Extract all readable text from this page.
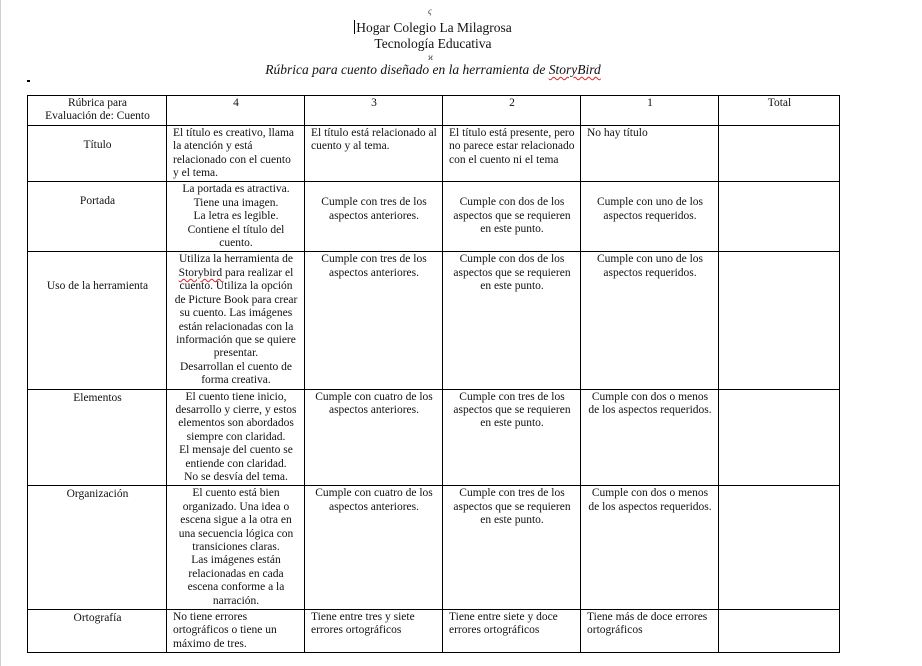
ς
ϰ
Hogar Colegio La Milagrosa
Tecnología Educativa
Rúbrica para cuento diseñado en la herramienta de StoryBird
Rúbrica para
Evaluación de: Cuento	4	3	2	1	Total
Título	El título es creativo, llama la atención y está relacionado con el cuento y el tema.	El título está relacionado al cuento y al tema.	El título está presente, pero no parece estar relacionado con el cuento ni el tema	No hay título	

Portada	La portada es atractiva.
Tiene una imagen.
La letra es legible.
Contiene el título del cuento.	Cumple con tres de los aspectos anteriores.	Cumple con dos de los aspectos que se requieren en este punto.	Cumple con uno de los aspectos requeridos.	

Uso de la herramienta	Utiliza la herramienta de Storybird para realizar el cuento. Utiliza la opción de Picture Book para crear su cuento. Las imágenes están relacionadas con la información que se quiere presentar.
Desarrollan el cuento de forma creativa.	Cumple con tres de los aspectos anteriores.	Cumple con dos de los aspectos que se requieren en este punto.	Cumple con uno de los aspectos requeridos.	

Elementos	El cuento tiene inicio, desarrollo y cierre, y estos elementos son abordados siempre con claridad.
El mensaje del cuento se entiende con claridad.
No se desvía del tema.	Cumple con cuatro de los aspectos anteriores.	Cumple con tres de los aspectos que se requieren en este punto.	Cumple con dos o menos de los aspectos requeridos.	

Organización	El cuento está bien organizado. Una idea o escena sigue a la otra en una secuencia lógica con transiciones claras.
Las imágenes están relacionadas en cada escena conforme a la narración.	Cumple con cuatro de los aspectos anteriores.	Cumple con tres de los aspectos que se requieren en este punto.	Cumple con dos o menos de los aspectos requeridos.	

Ortografía	No tiene errores ortográficos o tiene un máximo de tres.	Tiene entre tres y siete errores ortográficos	Tiene entre siete y doce errores ortográficos	Tiene más de doce errores ortográficos	
